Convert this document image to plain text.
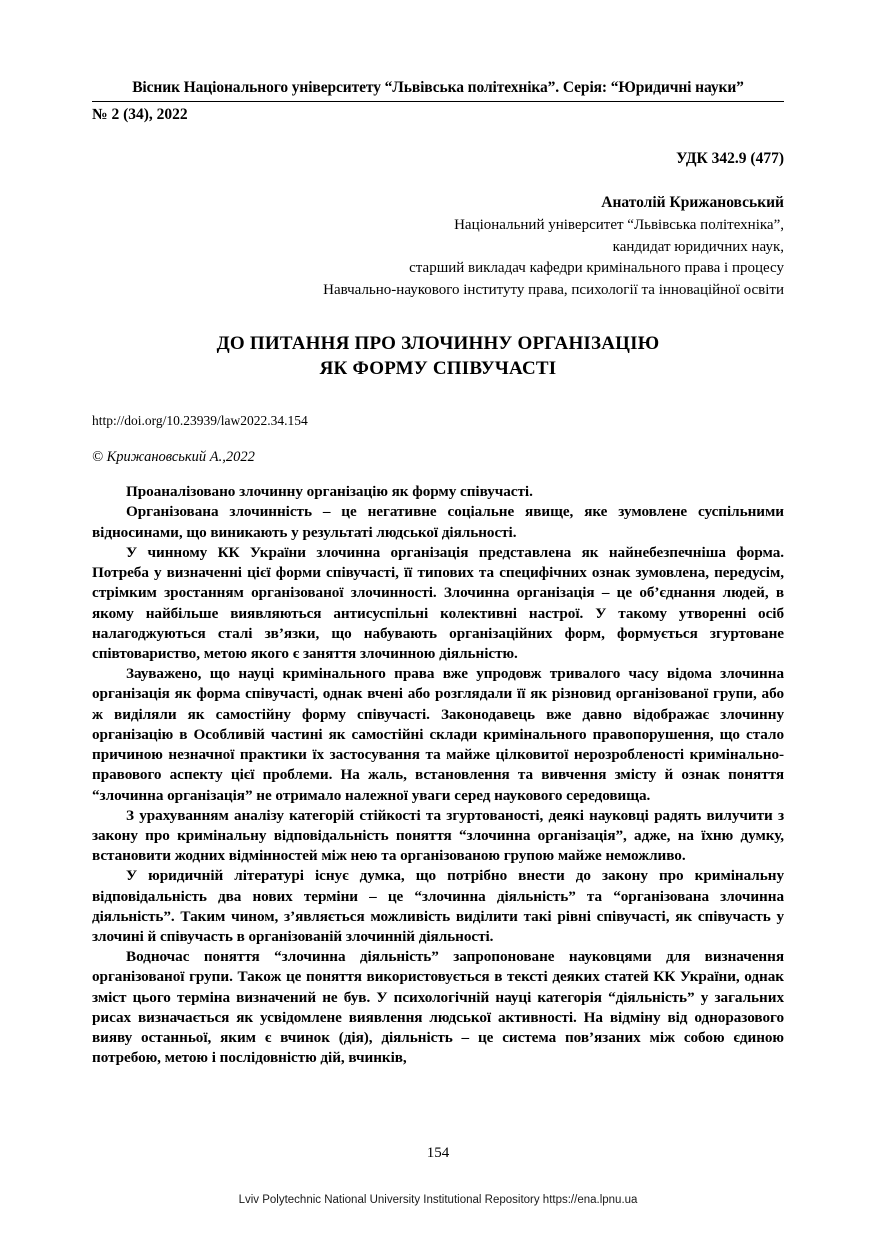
Вісник Національного університету “Львівська політехніка”. Серія: “Юридичні науки”
№ 2 (34), 2022
УДК 342.9 (477)
Анатолій Крижановський
Національний університет “Львівська політехніка”,
кандидат юридичних наук,
старший викладач кафедри кримінального права і процесу
Навчально-наукового інституту права, психології та інноваційної освіти
ДО ПИТАННЯ ПРО ЗЛОЧИННУ ОРГАНІЗАЦІЮ
ЯК ФОРМУ СПІВУЧАСТІ
http://doi.org/10.23939/law2022.34.154
© Крижановський А.,2022

Проаналізовано злочинну організацію як форму співучасті.

Організована злочинність – це негативне соціальне явище, яке зумовлене суспільними відносинами, що виникають у результаті людської діяльності.

У чинному КК України злочинна організація представлена як найнебезпечніша форма. Потреба у визначенні цієї форми співучасті, її типових та специфічних ознак зумовлена, передусім, стрімким зростанням організованої злочинності. Злочинна організація – це об’єднання людей, в якому найбільше виявляються антисуспільні колективні настрої. У такому утворенні осіб налагоджуються сталі зв’язки, що набувають організаційних форм, формується згуртоване співтовариство, метою якого є заняття злочинною діяльністю.

Зауважено, що науці кримінального права вже упродовж тривалого часу відома злочинна організація як форма співучасті, однак вчені або розглядали її як різновид організованої групи, або ж виділяли як самостійну форму співучасті. Законодавець вже давно відображає злочинну організацію в Особливій частині як самостійні склади кримінального правопорушення, що стало причиною незначної практики їх застосування та майже цілковитої нерозробленості кримінально-правового аспекту цієї проблеми. На жаль, встановлення та вивчення змісту й ознак поняття “злочинна організація” не отримало належної уваги серед наукового середовища.

З урахуванням аналізу категорій стійкості та згуртованості, деякі науковці радять вилучити з закону про кримінальну відповідальність поняття “злочинна організація”, адже, на їхню думку, встановити жодних відмінностей між нею та організованою групою майже неможливо.

У юридичній літературі існує думка, що потрібно внести до закону про кримінальну відповідальність два нових терміни – це “злочинна діяльність” та “організована злочинна діяльність”. Таким чином, з’являється можливість виділити такі рівні співучасті, як співучасть у злочині й співучасть в організованій злочинній діяльності.

Водночас поняття “злочинна діяльність” запропоноване науковцями для визначення організованої групи. Також це поняття використовується в тексті деяких статей КК України, однак зміст цього терміна визначений не був. У психологічній науці категорія “діяльність” у загальних рисах визначається як усвідомлене виявлення людської активності. На відміну від одноразового вияву останньої, яким є вчинок (дія), діяльність – це система пов’язаних між собою єдиною потребою, метою і послідовністю дій, вчинків,

154
Lviv Polytechnic National University Institutional Repository https://ena.lpnu.ua
